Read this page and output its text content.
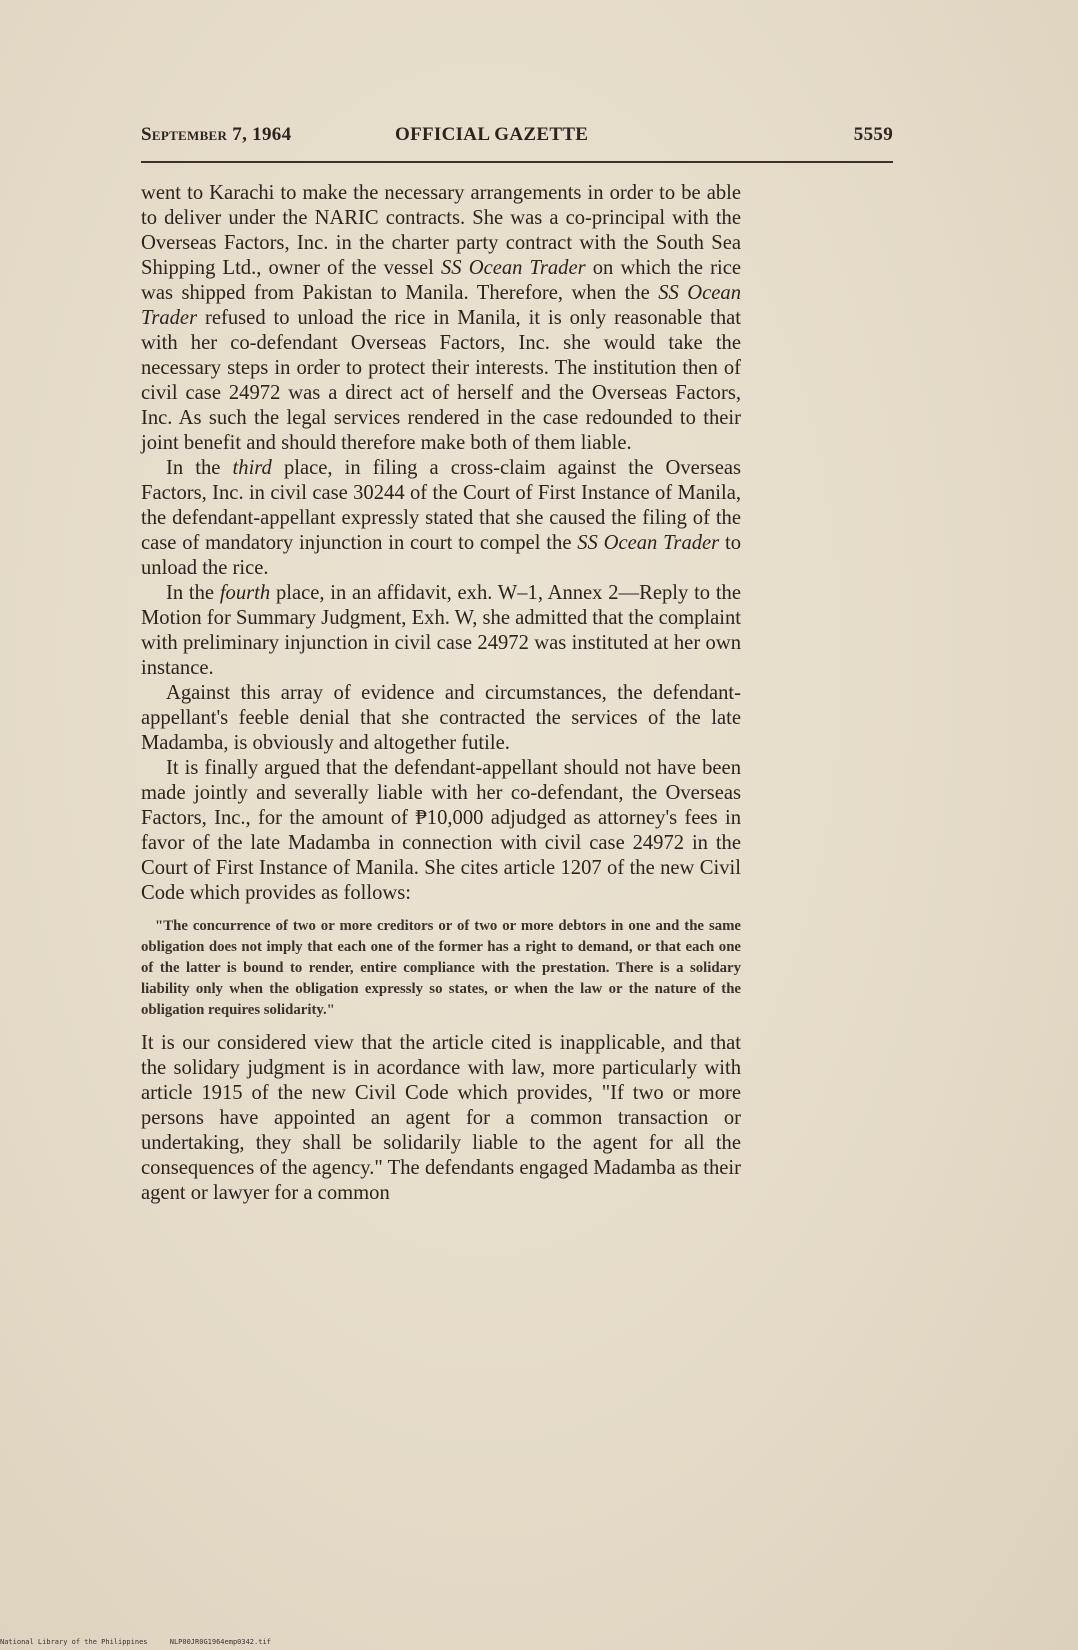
September 7, 1964	OFFICIAL GAZETTE	5559

went to Karachi to make the necessary arrangements in order to be able to deliver under the NARIC contracts. She was a co-principal with the Overseas Factors, Inc. in the charter party contract with the South Sea Shipping Ltd., owner of the vessel SS Ocean Trader on which the rice was shipped from Pakistan to Manila. Therefore, when the SS Ocean Trader refused to unload the rice in Manila, it is only reasonable that with her co-defendant Overseas Factors, Inc. she would take the necessary steps in order to protect their interests. The institution then of civil case 24972 was a direct act of herself and the Overseas Factors, Inc. As such the legal services rendered in the case redounded to their joint benefit and should therefore make both of them liable.

In the third place, in filing a cross-claim against the Overseas Factors, Inc. in civil case 30244 of the Court of First Instance of Manila, the defendant-appellant expressly stated that she caused the filing of the case of mandatory injunction in court to compel the SS Ocean Trader to unload the rice.

In the fourth place, in an affidavit, exh. W–1, Annex 2—Reply to the Motion for Summary Judgment, Exh. W, she admitted that the complaint with preliminary injunction in civil case 24972 was instituted at her own instance.

Against this array of evidence and circumstances, the defendant-appellant's feeble denial that she contracted the services of the late Madamba, is obviously and altogether futile.

It is finally argued that the defendant-appellant should not have been made jointly and severally liable with her co-defendant, the Overseas Factors, Inc., for the amount of ₱10,000 adjudged as attorney's fees in favor of the late Madamba in connection with civil case 24972 in the Court of First Instance of Manila. She cites article 1207 of the new Civil Code which provides as follows:

"The concurrence of two or more creditors or of two or more debtors in one and the same obligation does not imply that each one of the former has a right to demand, or that each one of the latter is bound to render, entire compliance with the prestation. There is a solidary liability only when the obligation expressly so states, or when the law or the nature of the obligation requires solidarity."

It is our considered view that the article cited is inapplicable, and that the solidary judgment is in acordance with law, more particularly with article 1915 of the new Civil Code which provides, "If two or more persons have appointed an agent for a common transaction or undertaking, they shall be solidarily liable to the agent for all the consequences of the agency." The defendants engaged Madamba as their agent or lawyer for a common

National Library of the Philippines	NLP00JR0G1964emp0342.tif
